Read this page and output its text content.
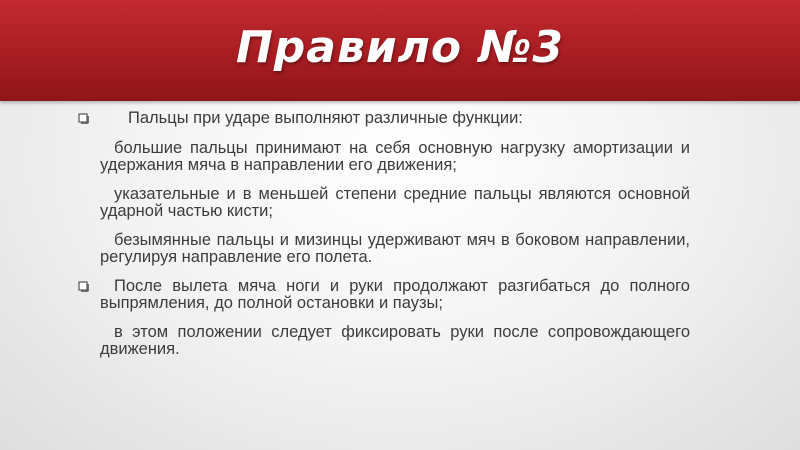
Правило №3
Пальцы при ударе выполняют различные функции:
большие пальцы принимают на себя основную нагрузку амортизации и удержания мяча в направлении его движения;
указательные и в меньшей степени средние пальцы являются основной ударной частью кисти;
безымянные пальцы и мизинцы удерживают мяч в боковом направлении, регулируя направление его полета.
После вылета мяча ноги и руки продолжают разгибаться до полного выпрямления, до полной остановки и паузы;
в этом положении следует фиксировать руки после сопровождающего движения.
